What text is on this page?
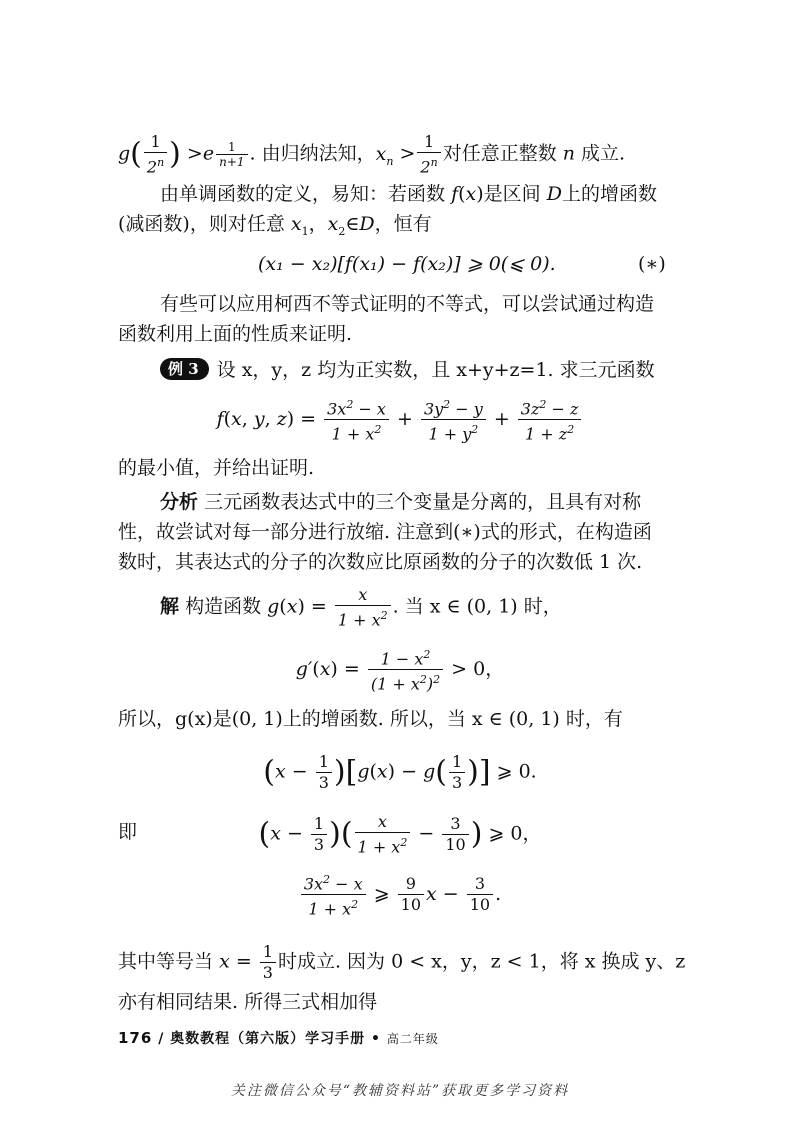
$g( \frac{1}{2^n}$ ) $>e \frac{1}{n+1}$ . 由归纳法知，$x_n > \frac{1}{2^n}$ 对任意正整数 n 成立.
由单调函数的定义，易知：若函数 f(x)是区间 D上的增函数
(减函数)，则对任意 $x_1$，$x_2\in D$，恒有
(x₁ − x₂)[f(x₁) − f(x₂)] ⩾ 0(⩽ 0).	(∗)
有些可以应用柯西不等式证明的不等式，可以尝试通过构造
函数利用上面的性质来证明.
例 3 设 x，y，z 均为正实数，且 x+y+z=1. 求三元函数
f(x, y, $z) = \frac{3x^2 - x}{1 + x^2} + \frac{3y^2 - y}{1 + y^2} + \frac{3z^2 - z}{1 + z^2}$
的最小值，并给出证明.
分析 三元函数表达式中的三个变量是分离的，且具有对称
性，故尝试对每一部分进行放缩. 注意到(∗)式的形式，在构造函
数时，其表达式的分子的次数应比原函数的分子的次数低 1 次.
解 构造函数 $g(x) = \frac{x}{1 + x^2}$ . 当 x ∈ (0, 1) 时，
$g'(x) = \frac{1 - x^2}{(1 + x^2)^2} > 0$，
所以，g(x)是(0, 1)上的增函数. 所以，当 x ∈ (0, 1) 时，有
$(x - \frac{1}{3} )[g(x) - g( \frac{1}{3}$ )] ⩾ 0.
即	($x - \frac{1}{3}$ )( $\frac{x}{1 + x^2} - \frac{3}{10}$ ) ⩾ 0，
$\frac{3x^2 - x}{1 + x^2}$ ⩾ $\frac{9}{10}$ $x - \frac{3}{10}$ .
其中等号当 $x = \frac{1}{3}$ 时成立. 因为 0 < x，y，z < 1，将 x 换成 y、z
亦有相同结果. 所得三式相加得
176 / 奥数教程（第六版）学习手册 • 高二年级
关注微信公众号“教辅资料站”获取更多学习资料
